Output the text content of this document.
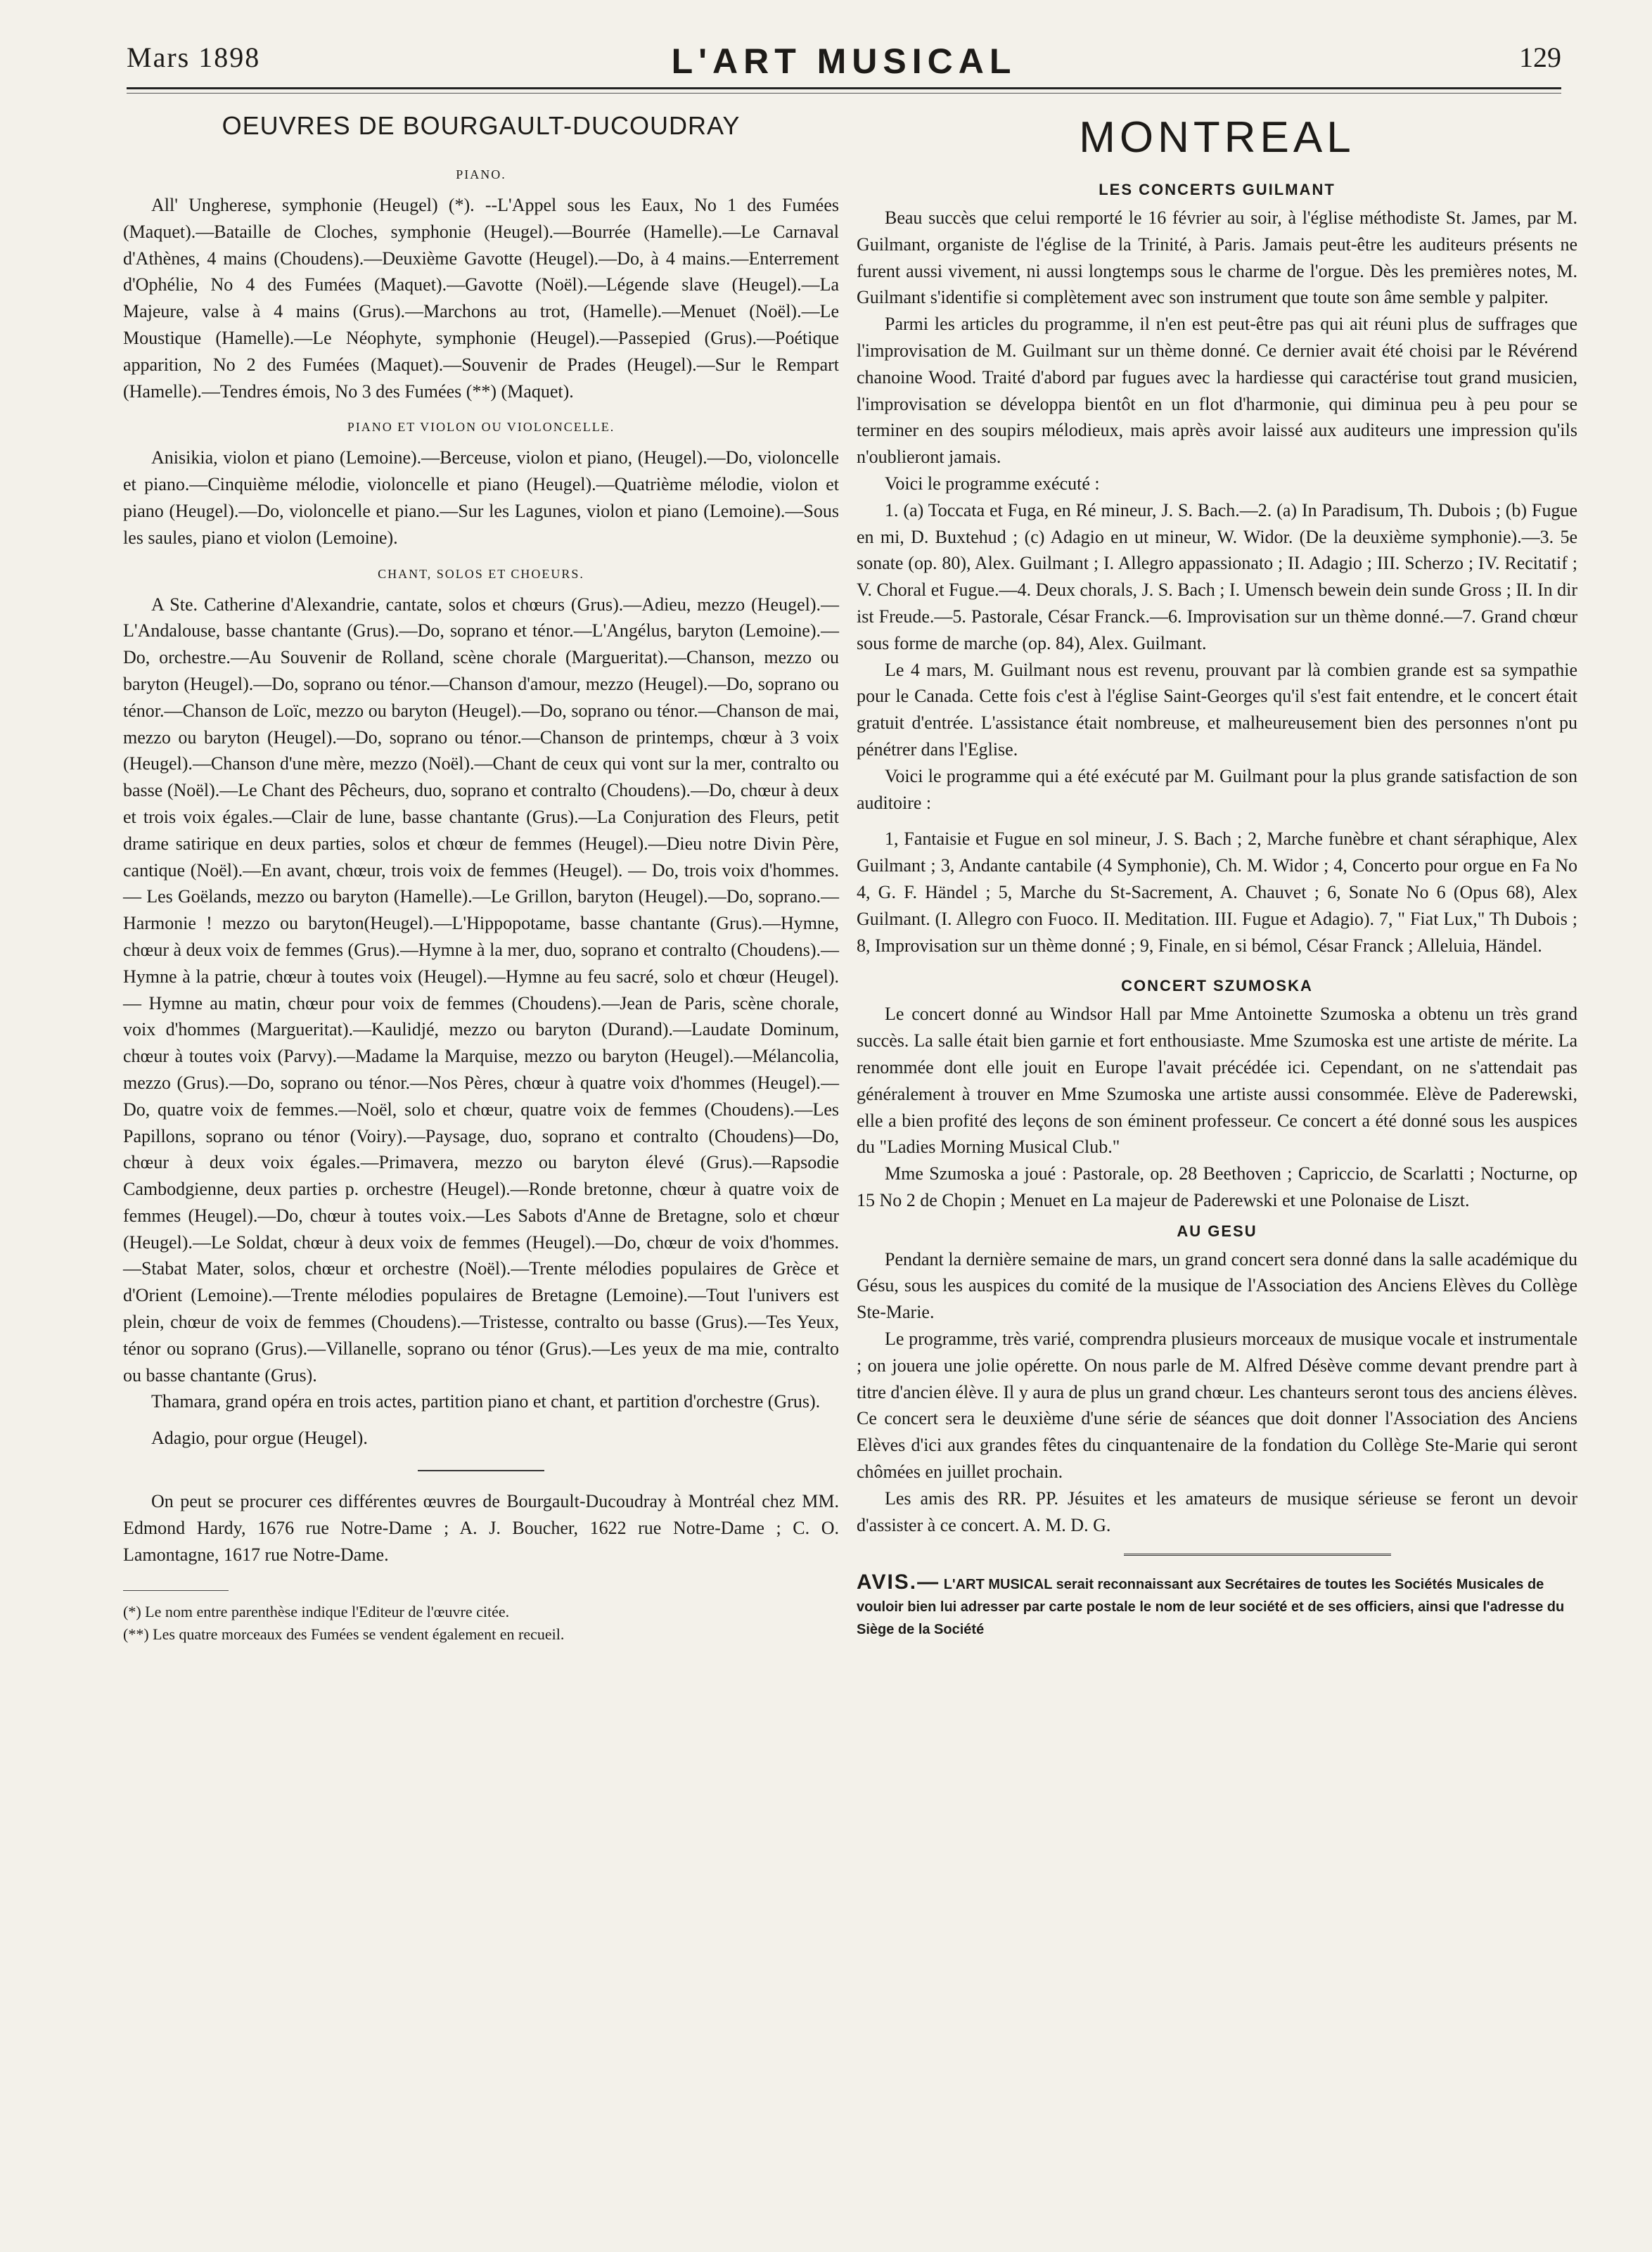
Mars 1898	L'ART MUSICAL	129
OEUVRES DE BOURGAULT-DUCOUDRAY
PIANO.

All' Ungherese, symphonie (Heugel) (*). --L'Appel sous les Eaux, No 1 des Fumées (Maquet).—Bataille de Cloches, symphonie (Heugel).—Bourrée (Hamelle).—Le Carnaval d'Athènes, 4 mains (Choudens).—Deuxième Gavotte (Heugel).—Do, à 4 mains.—Enterrement d'Ophélie, No 4 des Fumées (Maquet).—Gavotte (Noël).—Légende slave (Heugel).—La Majeure, valse à 4 mains (Grus).—Marchons au trot, (Hamelle).—Menuet (Noël).—Le Moustique (Hamelle).—Le Néophyte, symphonie (Heugel).—Passepied (Grus).—Poétique apparition, No 2 des Fumées (Maquet).—Souvenir de Prades (Heugel).—Sur le Rempart (Hamelle).—Tendres émois, No 3 des Fumées (**) (Maquet).

PIANO ET VIOLON OU VIOLONCELLE.

Anisikia, violon et piano (Lemoine).—Berceuse, violon et piano, (Heugel).—Do, violoncelle et piano.—Cinquième mélodie, violoncelle et piano (Heugel).—Quatrième mélodie, violon et piano (Heugel).—Do, violoncelle et piano.—Sur les Lagunes, violon et piano (Lemoine).—Sous les saules, piano et violon (Lemoine).

CHANT, SOLOS ET CHOEURS.

A Ste. Catherine d'Alexandrie, cantate, solos et chœurs (Grus).—Adieu, mezzo (Heugel).—L'Andalouse, basse chantante (Grus).—Do, soprano et ténor.—L'Angélus, baryton (Lemoine).—Do, orchestre.—Au Souvenir de Rolland, scène chorale (Margueritat).—Chanson, mezzo ou baryton (Heugel).—Do, soprano ou ténor.—Chanson d'amour, mezzo (Heugel).—Do, soprano ou ténor.—Chanson de Loïc, mezzo ou baryton (Heugel).—Do, soprano ou ténor.—Chanson de mai, mezzo ou baryton (Heugel).—Do, soprano ou ténor.—Chanson de printemps, chœur à 3 voix (Heugel).—Chanson d'une mère, mezzo (Noël).—Chant de ceux qui vont sur la mer, contralto ou basse (Noël).—Le Chant des Pêcheurs, duo, soprano et contralto (Choudens).—Do, chœur à deux et trois voix égales.—Clair de lune, basse chantante (Grus).—La Conjuration des Fleurs, petit drame satirique en deux parties, solos et chœur de femmes (Heugel).—Dieu notre Divin Père, cantique (Noël).—En avant, chœur, trois voix de femmes (Heugel). — Do, trois voix d'hommes. — Les Goëlands, mezzo ou baryton (Hamelle).—Le Grillon, baryton (Heugel).—Do, soprano.—Harmonie ! mezzo ou baryton(Heugel).—L'Hippopotame, basse chantante (Grus).—Hymne, chœur à deux voix de femmes (Grus).—Hymne à la mer, duo, soprano et contralto (Choudens).—Hymne à la patrie, chœur à toutes voix (Heugel).—Hymne au feu sacré, solo et chœur (Heugel). — Hymne au matin, chœur pour voix de femmes (Choudens).—Jean de Paris, scène chorale, voix d'hommes (Margueritat).—Kaulidjé, mezzo ou baryton (Durand).—Laudate Dominum, chœur à toutes voix (Parvy).—Madame la Marquise, mezzo ou baryton (Heugel).—Mélancolia, mezzo (Grus).—Do, soprano ou ténor.—Nos Pères, chœur à quatre voix d'hommes (Heugel).—Do, quatre voix de femmes.—Noël, solo et chœur, quatre voix de femmes (Choudens).—Les Papillons, soprano ou ténor (Voiry).—Paysage, duo, soprano et contralto (Choudens)—Do, chœur à deux voix égales.—Primavera, mezzo ou baryton élevé (Grus).—Rapsodie Cambodgienne, deux parties p. orchestre (Heugel).—Ronde bretonne, chœur à quatre voix de femmes (Heugel).—Do, chœur à toutes voix.—Les Sabots d'Anne de Bretagne, solo et chœur (Heugel).—Le Soldat, chœur à deux voix de femmes (Heugel).—Do, chœur de voix d'hommes.—Stabat Mater, solos, chœur et orchestre (Noël).—Trente mélodies populaires de Grèce et d'Orient (Lemoine).—Trente mélodies populaires de Bretagne (Lemoine).—Tout l'univers est plein, chœur de voix de femmes (Choudens).—Tristesse, contralto ou basse (Grus).—Tes Yeux, ténor ou soprano (Grus).—Villanelle, soprano ou ténor (Grus).—Les yeux de ma mie, contralto ou basse chantante (Grus).

Thamara, grand opéra en trois actes, partition piano et chant, et partition d'orchestre (Grus).

Adagio, pour orgue (Heugel).

On peut se procurer ces différentes œuvres de Bourgault-Ducoudray à Montréal chez MM. Edmond Hardy, 1676 rue Notre-Dame ; A. J. Boucher, 1622 rue Notre-Dame ; C. O. Lamontagne, 1617 rue Notre-Dame.

(*) Le nom entre parenthèse indique l'Editeur de l'œuvre citée.

(**) Les quatre morceaux des Fumées se vendent également en recueil.

MONTREAL
LES CONCERTS GUILMANT

Beau succès que celui remporté le 16 février au soir, à l'église méthodiste St. James, par M. Guilmant, organiste de l'église de la Trinité, à Paris. Jamais peut-être les auditeurs présents ne furent aussi vivement, ni aussi longtemps sous le charme de l'orgue. Dès les premières notes, M. Guilmant s'identifie si complètement avec son instrument que toute son âme semble y palpiter.

Parmi les articles du programme, il n'en est peut-être pas qui ait réuni plus de suffrages que l'improvisation de M. Guilmant sur un thème donné. Ce dernier avait été choisi par le Révérend chanoine Wood. Traité d'abord par fugues avec la hardiesse qui caractérise tout grand musicien, l'improvisation se développa bientôt en un flot d'harmonie, qui diminua peu à peu pour se terminer en des soupirs mélodieux, mais après avoir laissé aux auditeurs une impression qu'ils n'oublieront jamais.

Voici le programme exécuté :

1. (a) Toccata et Fuga, en Ré mineur, J. S. Bach.—2. (a) In Paradisum, Th. Dubois ; (b) Fugue en mi, D. Buxtehud ; (c) Adagio en ut mineur, W. Widor. (De la deuxième symphonie).—3. 5e sonate (op. 80), Alex. Guilmant ; I. Allegro appassionato ; II. Adagio ; III. Scherzo ; IV. Recitatif ; V. Choral et Fugue.—4. Deux chorals, J. S. Bach ; I. Umensch bewein dein sunde Gross ; II. In dir ist Freude.—5. Pastorale, César Franck.—6. Improvisation sur un thème donné.—7. Grand chœur sous forme de marche (op. 84), Alex. Guilmant.

Le 4 mars, M. Guilmant nous est revenu, prouvant par là combien grande est sa sympathie pour le Canada. Cette fois c'est à l'église Saint-Georges qu'il s'est fait entendre, et le concert était gratuit d'entrée. L'assistance était nombreuse, et malheureusement bien des personnes n'ont pu pénétrer dans l'Eglise.

Voici le programme qui a été exécuté par M. Guilmant pour la plus grande satisfaction de son auditoire :

1, Fantaisie et Fugue en sol mineur, J. S. Bach ; 2, Marche funèbre et chant séraphique, Alex Guilmant ; 3, Andante cantabile (4 Symphonie), Ch. M. Widor ; 4, Concerto pour orgue en Fa No 4, G. F. Händel ; 5, Marche du St-Sacrement, A. Chauvet ; 6, Sonate No 6 (Opus 68), Alex Guilmant. (I. Allegro con Fuoco. II. Meditation. III. Fugue et Adagio). 7, " Fiat Lux," Th Dubois ; 8, Improvisation sur un thème donné ; 9, Finale, en si bémol, César Franck ; Alleluia, Händel.

CONCERT SZUMOSKA

Le concert donné au Windsor Hall par Mme Antoinette Szumoska a obtenu un très grand succès. La salle était bien garnie et fort enthousiaste. Mme Szumoska est une artiste de mérite. La renommée dont elle jouit en Europe l'avait précédée ici. Cependant, on ne s'attendait pas généralement à trouver en Mme Szumoska une artiste aussi consommée. Elève de Paderewski, elle a bien profité des leçons de son éminent professeur. Ce concert a été donné sous les auspices du "Ladies Morning Musical Club."

Mme Szumoska a joué : Pastorale, op. 28 Beethoven ; Capriccio, de Scarlatti ; Nocturne, op 15 No 2 de Chopin ; Menuet en La majeur de Paderewski et une Polonaise de Liszt.

AU GESU

Pendant la dernière semaine de mars, un grand concert sera donné dans la salle académique du Gésu, sous les auspices du comité de la musique de l'Association des Anciens Elèves du Collège Ste-Marie.

Le programme, très varié, comprendra plusieurs morceaux de musique vocale et instrumentale ; on jouera une jolie opérette. On nous parle de M. Alfred Désève comme devant prendre part à titre d'ancien élève. Il y aura de plus un grand chœur. Les chanteurs seront tous des anciens élèves. Ce concert sera le deuxième d'une série de séances que doit donner l'Association des Anciens Elèves d'ici aux grandes fêtes du cinquantenaire de la fondation du Collège Ste-Marie qui seront chômées en juillet prochain.

Les amis des RR. PP. Jésuites et les amateurs de musique sérieuse se feront un devoir d'assister à ce concert. A. M. D. G.

AVIS.— L'ART MUSICAL serait reconnaissant aux Secrétaires de toutes les Sociétés Musicales de vouloir bien lui adresser par carte postale le nom de leur société et de ses officiers, ainsi que l'adresse du Siège de la Société
